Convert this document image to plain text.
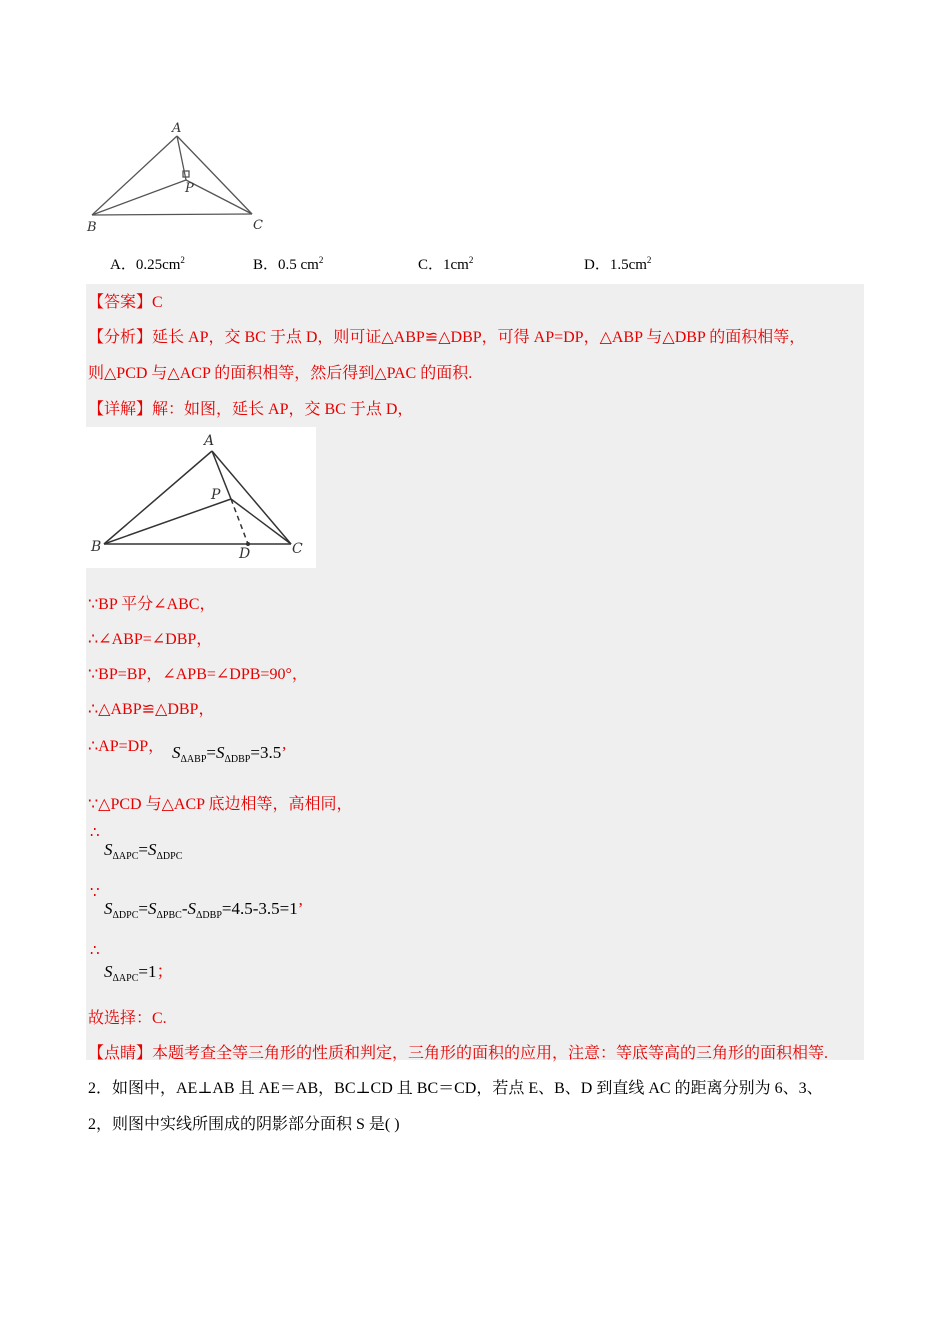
A
P
B	C
A．$0.25cm^2$	B．0.5 $cm^2$	C．$1cm^2$	D．$1.5cm^2$
【答案】C
【分析】延长 AP，交 BC 于点 D，则可证△ABP≌△DBP，可得 AP=DP，△ABP 与△DBP 的面积相等，
则△PCD 与△ACP 的面积相等，然后得到△PAC 的面积.
【详解】解：如图，延长 AP，交 BC 于点 D，
A
P
B	D	C
∵BP 平分∠ABC，
∴∠ABP=∠DBP，
∵BP=BP，∠APB=∠DPB=90°，
∴△ABP≌△DBP，
∴AP=DP， $S_{\Delta ABP}=S_{\Delta DBP}=3.5$’
∵△PCD 与△ACP 底边相等，高相同，
∴
$S_{\Delta APC}=S_{\Delta DPC}$
∵
$S_{\Delta DPC}=S_{\Delta PBC}-S_{\Delta DBP}=4.5-3.5=1$’
∴
$S_{\Delta APC}=1$；
故选择：C.
【点睛】本题考查全等三角形的性质和判定，三角形的面积的应用，注意：等底等高的三角形的面积相等.
2．如图中，AE⊥AB 且 AE＝AB，BC⊥CD 且 BC＝CD，若点 E、B、D 到直线 AC 的距离分别为 6、3、
2，则图中实线所围成的阴影部分面积 S 是( )
